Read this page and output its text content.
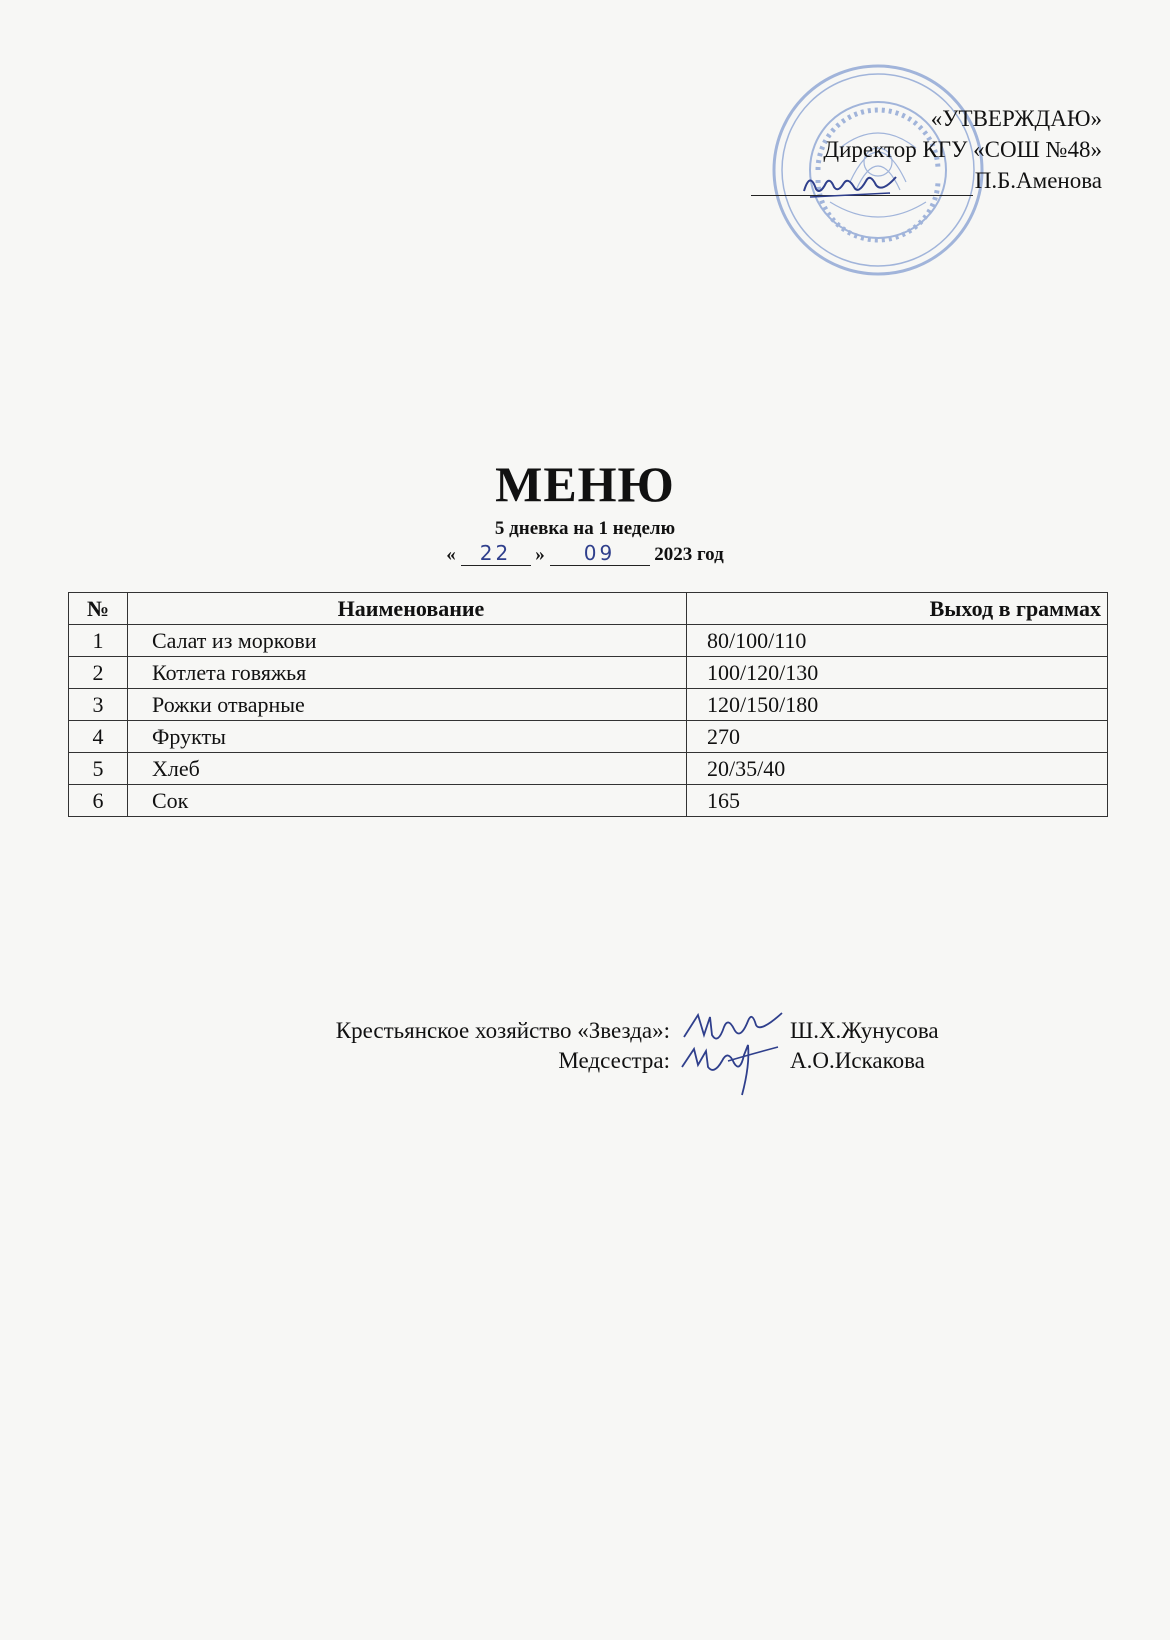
«УТВЕРЖДАЮ»
Директор КГУ «СОШ №48»
П.Б.Аменова
МЕНЮ
5 дневка на 1 неделю
« 22 » 09 2023 год
№	Наименование	Выход в граммах
1	Салат из моркови	80/100/110
2	Котлета говяжья	100/120/130
3	Рожки отварные	120/150/180
4	Фрукты	270
5	Хлеб	20/35/40
6	Сок	165
Крестьянское хозяйство «Звезда»:	Ш.Х.Жунусова
Медсестра:	А.О.Искакова
